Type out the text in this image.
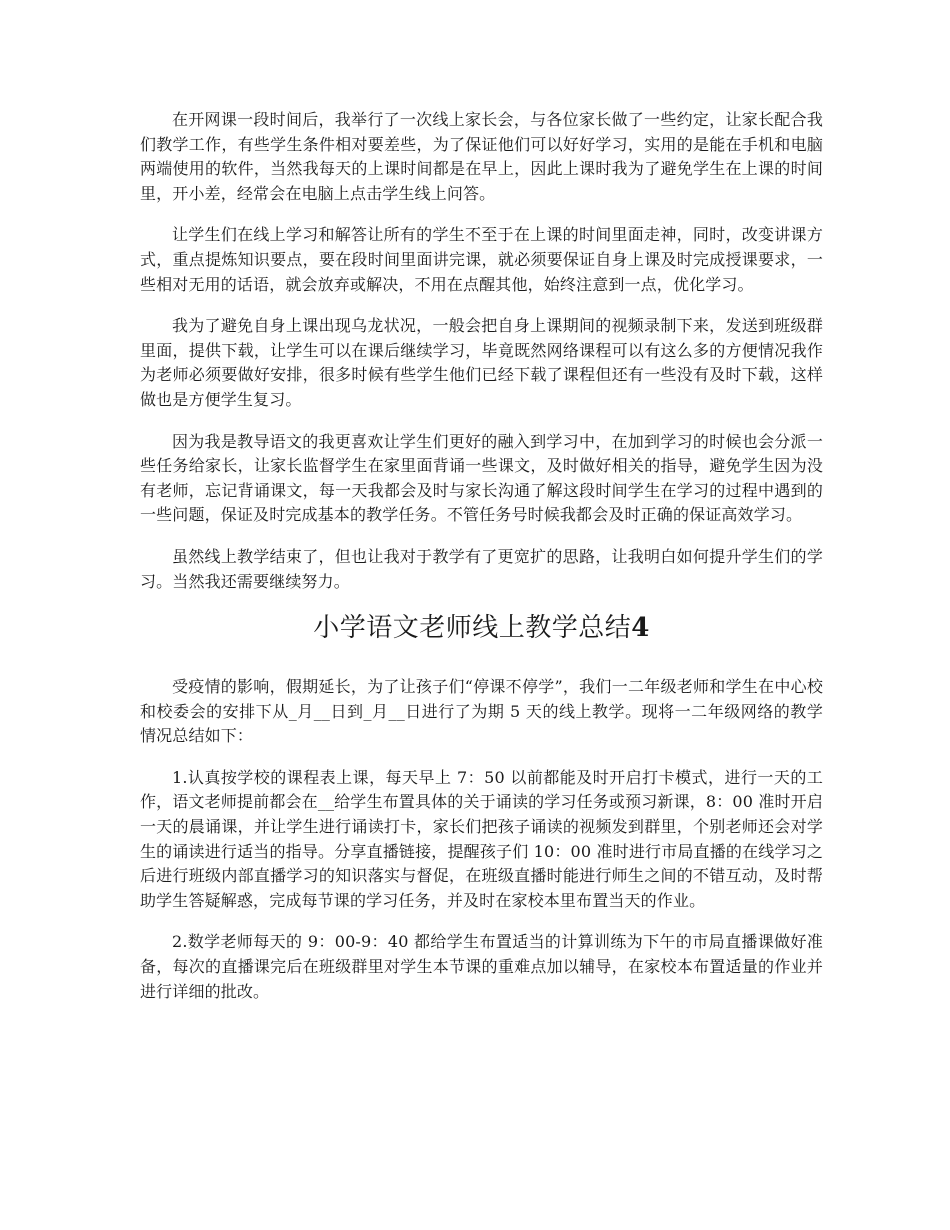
在开网课一段时间后，我举行了一次线上家长会，与各位家长做了一些约定，让家长配合我们教学工作，有些学生条件相对要差些，为了保证他们可以好好学习，实用的是能在手机和电脑两端使用的软件，当然我每天的上课时间都是在早上，因此上课时我为了避免学生在上课的时间里，开小差，经常会在电脑上点击学生线上问答。

让学生们在线上学习和解答让所有的学生不至于在上课的时间里面走神，同时，改变讲课方式，重点提炼知识要点，要在段时间里面讲完课，就必须要保证自身上课及时完成授课要求，一些相对无用的话语，就会放弃或解决，不用在点醒其他，始终注意到一点，优化学习。

我为了避免自身上课出现乌龙状况，一般会把自身上课期间的视频录制下来，发送到班级群里面，提供下载，让学生可以在课后继续学习，毕竟既然网络课程可以有这么多的方便情况我作为老师必须要做好安排，很多时候有些学生他们已经下载了课程但还有一些没有及时下载，这样做也是方便学生复习。

因为我是教导语文的我更喜欢让学生们更好的融入到学习中，在加到学习的时候也会分派一些任务给家长，让家长监督学生在家里面背诵一些课文，及时做好相关的指导，避免学生因为没有老师，忘记背诵课文，每一天我都会及时与家长沟通了解这段时间学生在学习的过程中遇到的一些问题，保证及时完成基本的教学任务。不管任务号时候我都会及时正确的保证高效学习。

虽然线上教学结束了，但也让我对于教学有了更宽扩的思路，让我明白如何提升学生们的学习。当然我还需要继续努力。

小学语文老师线上教学总结4

受疫情的影响，假期延长，为了让孩子们“停课不停学”，我们一二年级老师和学生在中心校和校委会的安排下从_月__日到_月__日进行了为期 5 天的线上教学。现将一二年级网络的教学情况总结如下：

1.认真按学校的课程表上课，每天早上 7：50 以前都能及时开启打卡模式，进行一天的工作，语文老师提前都会在__给学生布置具体的关于诵读的学习任务或预习新课，8：00 准时开启一天的晨诵课，并让学生进行诵读打卡，家长们把孩子诵读的视频发到群里，个别老师还会对学生的诵读进行适当的指导。分享直播链接，提醒孩子们 10：00 准时进行市局直播的在线学习之后进行班级内部直播学习的知识落实与督促，在班级直播时能进行师生之间的不错互动，及时帮助学生答疑解惑，完成每节课的学习任务，并及时在家校本里布置当天的作业。

2.数学老师每天的 9：00-9：40 都给学生布置适当的计算训练为下午的市局直播课做好准备，每次的直播课完后在班级群里对学生本节课的重难点加以辅导，在家校本布置适量的作业并进行详细的批改。
